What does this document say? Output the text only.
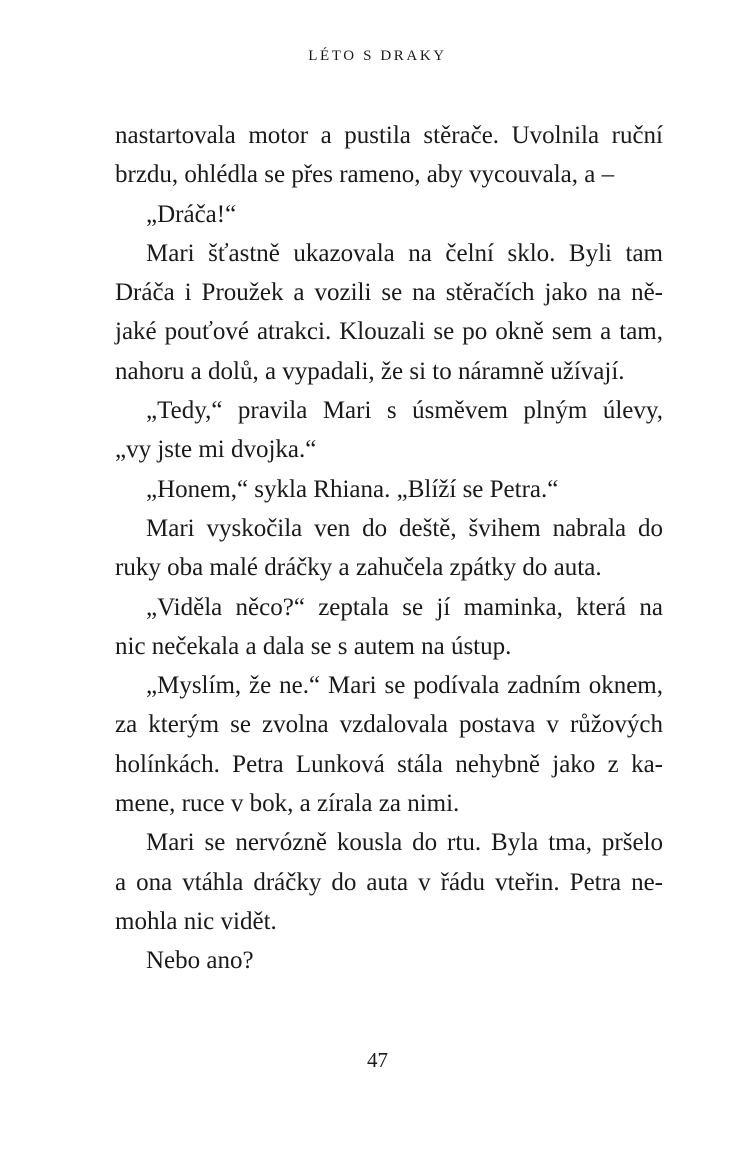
LÉTO S DRAKY
nastartovala motor a pustila stěrače. Uvolnila ruční
brzdu, ohlédla se přes rameno, aby vycouvala, a –
„Dráča!“
Mari šťastně ukazovala na čelní sklo. Byli tam
Dráča i Proužek a vozili se na stěračích jako na ně-
jaké pouťové atrakci. Klouzali se po okně sem a tam,
nahoru a dolů, a vypadali, že si to náramně užívají.
„Tedy,“ pravila Mari s úsměvem plným úlevy,
„vy jste mi dvojka.“
„Honem,“ sykla Rhiana. „Blíží se Petra.“
Mari vyskočila ven do deště, švihem nabrala do
ruky oba malé dráčky a zahučela zpátky do auta.
„Viděla něco?“ zeptala se jí maminka, která na
nic nečekala a dala se s autem na ústup.
„Myslím, že ne.“ Mari se podívala zadním oknem,
za kterým se zvolna vzdalovala postava v růžových
holínkách. Petra Lunková stála nehybně jako z ka-
mene, ruce v bok, a zírala za nimi.
Mari se nervózně kousla do rtu. Byla tma, pršelo
a ona vtáhla dráčky do auta v řádu vteřin. Petra ne-
mohla nic vidět.
Nebo ano?
47
